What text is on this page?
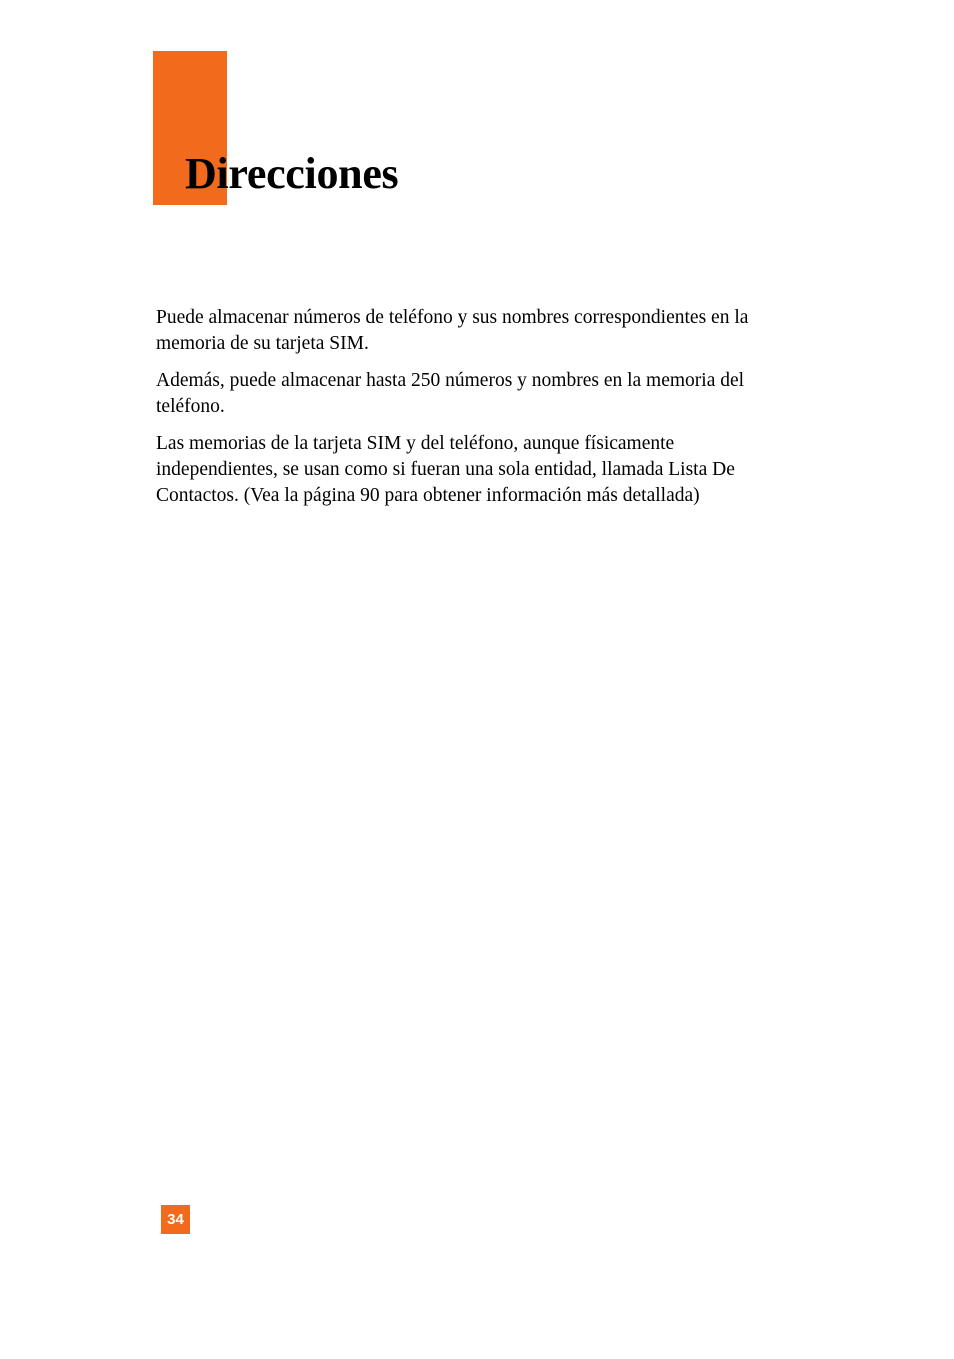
Direcciones

Puede almacenar números de teléfono y sus nombres correspondientes en la memoria de su tarjeta SIM.

Además, puede almacenar hasta 250 números y nombres en la memoria del teléfono.

Las memorias de la tarjeta SIM y del teléfono, aunque físicamente independientes, se usan como si fueran una sola entidad, llamada Lista De Contactos. (Vea la página 90 para obtener información más detallada)

34
